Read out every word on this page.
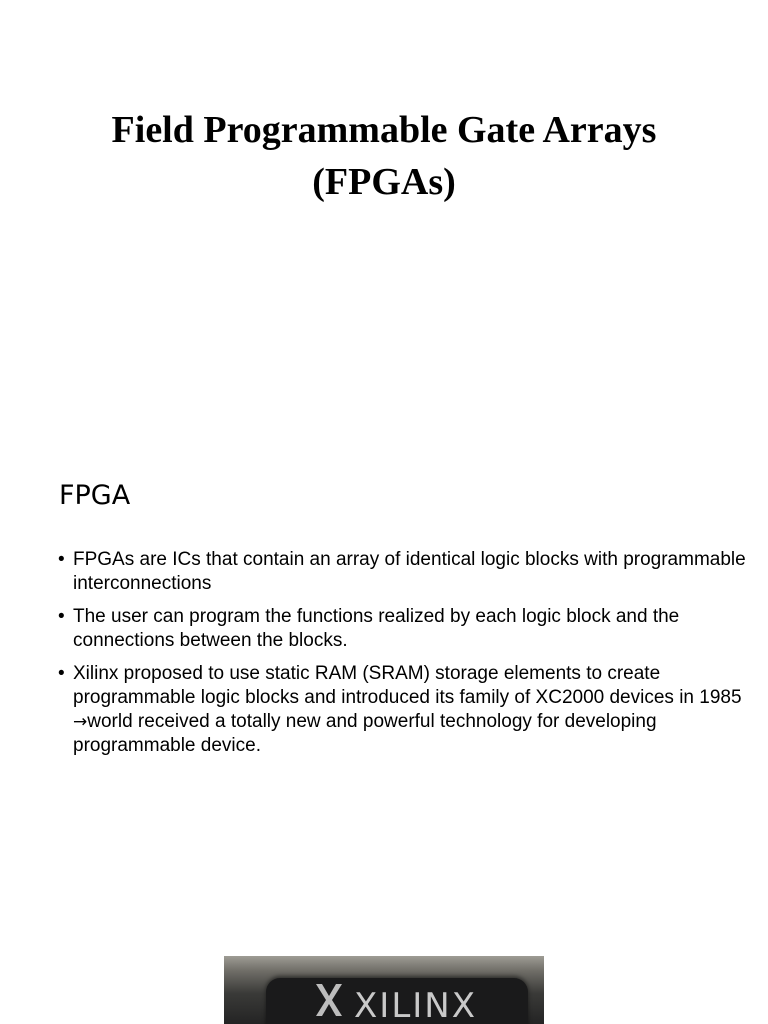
Field Programmable Gate Arrays
(FPGAs)
FPGA
• FPGAs are ICs that contain an array of identical logic blocks with programmable interconnections
• The user can program the functions realized by each logic block and the connections between the blocks.
• Xilinx proposed to use static RAM (SRAM) storage elements to create programmable logic blocks and introduced its family of XC2000 devices in 1985 →world received a totally new and powerful technology for developing programmable device.
XILINX
